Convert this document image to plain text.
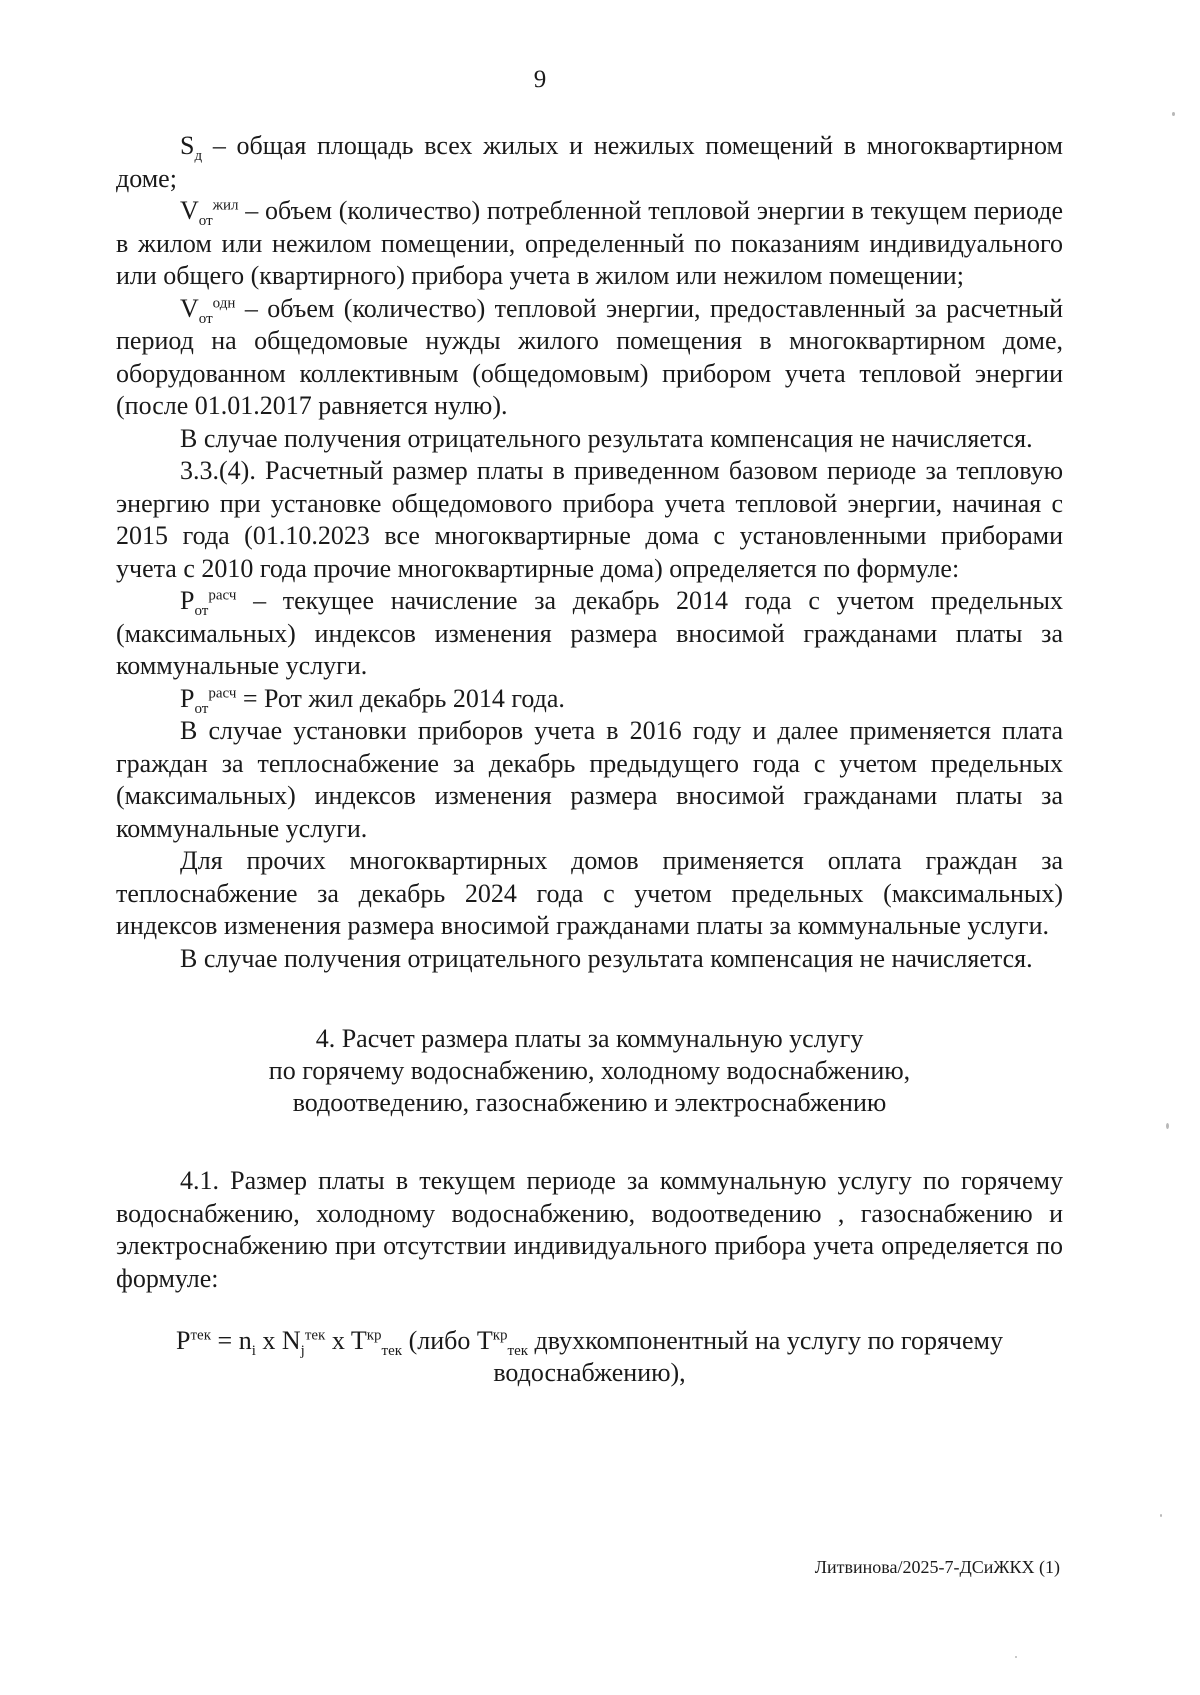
9

$S_д$ – общая площадь всех жилых и нежилых помещений в многоквартирном доме;

$V_{от}^{жил}$ – объем (количество) потребленной тепловой энергии в текущем периоде в жилом или нежилом помещении, определенный по показаниям индивидуального или общего (квартирного) прибора учета в жилом или нежилом помещении;

$V_{от}^{одн}$ – объем (количество) тепловой энергии, предоставленный за расчетный период на общедомовые нужды жилого помещения в многоквартирном доме, оборудованном коллективным (общедомовым) прибором учета тепловой энергии (после 01.01.2017 равняется нулю).

В случае получения отрицательного результата компенсация не начисляется.

3.3.(4). Расчетный размер платы в приведенном базовом периоде за тепловую энергию при установке общедомового прибора учета тепловой энергии, начиная с 2015 года (01.10.2023 все многоквартирные дома с установленными приборами учета с 2010 года прочие многоквартирные дома) определяется по формуле:

$P_{от}^{расч}$ – текущее начисление за декабрь 2014 года с учетом предельных (максимальных) индексов изменения размера вносимой гражданами платы за коммунальные услуги.

$P_{от}^{расч}$ = Рот жил декабрь 2014 года.

В случае установки приборов учета в 2016 году и далее применяется плата граждан за теплоснабжение за декабрь предыдущего года с учетом предельных (максимальных) индексов изменения размера вносимой гражданами платы за коммунальные услуги.

Для прочих многоквартирных домов применяется оплата граждан за теплоснабжение за декабрь 2024 года с учетом предельных (максимальных) индексов изменения размера вносимой гражданами платы за коммунальные услуги.

В случае получения отрицательного результата компенсация не начисляется.

4. Расчет размера платы за коммунальную услугу
по горячему водоснабжению, холодному водоснабжению,
водоотведению, газоснабжению и электроснабжению

4.1. Размер платы в текущем периоде за коммунальную услугу по горячему водоснабжению, холодному водоснабжению, водоотведению , газоснабжению и электроснабжению при отсутствии индивидуального прибора учета определяется по формуле:

$P^{тек} = n_i$ x $N_j^{тек}$ x $T^{кр}_{тек}$ (либо $T^{кр}_{тек}$ двухкомпонентный на услугу по горячему водоснабжению),
Литвинова/2025-7-ДСиЖКХ (1)
